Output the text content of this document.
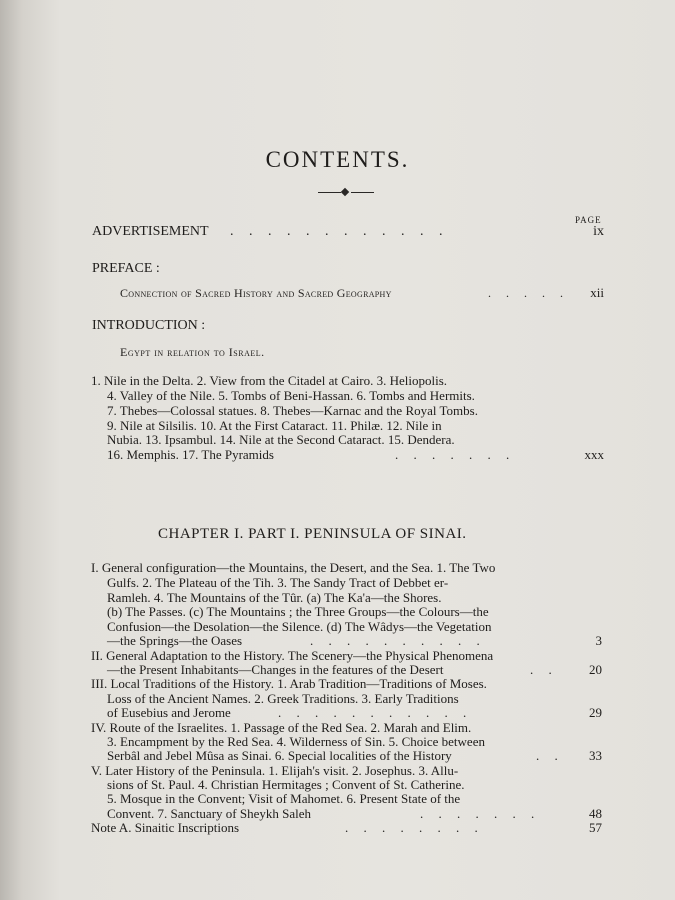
CONTENTS.
PAGE
ADVERTISEMENT . . . . . . . . . . . .	ix
PREFACE :
Connection of Sacred History and Sacred Geography	. . . . .	xii
INTRODUCTION :
Egypt in relation to Israel.
1. Nile in the Delta. 2. View from the Citadel at Cairo. 3. Heliopolis.
4. Valley of the Nile. 5. Tombs of Beni-Hassan. 6. Tombs and Hermits.
7. Thebes—Colossal statues. 8. Thebes—Karnac and the Royal Tombs.
9. Nile at Silsilis. 10. At the First Cataract. 11. Philæ. 12. Nile in
Nubia. 13. Ipsambul. 14. Nile at the Second Cataract. 15. Dendera.
16. Memphis. 17. The Pyramids	. . . . . . .	xxx
CHAPTER I. PART I. PENINSULA OF SINAI.
I. General configuration—the Mountains, the Desert, and the Sea. 1. The Two
Gulfs. 2. The Plateau of the Tih. 3. The Sandy Tract of Debbet er-
Ramleh. 4. The Mountains of the Tûr. (a) The Ka'a—the Shores.
(b) The Passes. (c) The Mountains ; the Three Groups—the Colours—the
Confusion—the Desolation—the Silence. (d) The Wâdys—the Vegetation
—the Springs—the Oases	. . . . . . . . . .	3
II. General Adaptation to the History. The Scenery—the Physical Phenomena
—the Present Inhabitants—Changes in the features of the Desert	. .	20
III. Local Traditions of the History. 1. Arab Tradition—Traditions of Moses.
Loss of the Ancient Names. 2. Greek Traditions. 3. Early Traditions
of Eusebius and Jerome	. . . . . . . . . . .	29
IV. Route of the Israelites. 1. Passage of the Red Sea. 2. Marah and Elim.
3. Encampment by the Red Sea. 4. Wilderness of Sin. 5. Choice between
Serbâl and Jebel Mûsa as Sinai. 6. Special localities of the History	. .	33
V. Later History of the Peninsula. 1. Elijah's visit. 2. Josephus. 3. Allu-
sions of St. Paul. 4. Christian Hermitages ; Convent of St. Catherine.
5. Mosque in the Convent; Visit of Mahomet. 6. Present State of the
Convent. 7. Sanctuary of Sheykh Saleh	. . . . . . .	48
Note A. Sinaitic Inscriptions	. . . . . . . .	57
